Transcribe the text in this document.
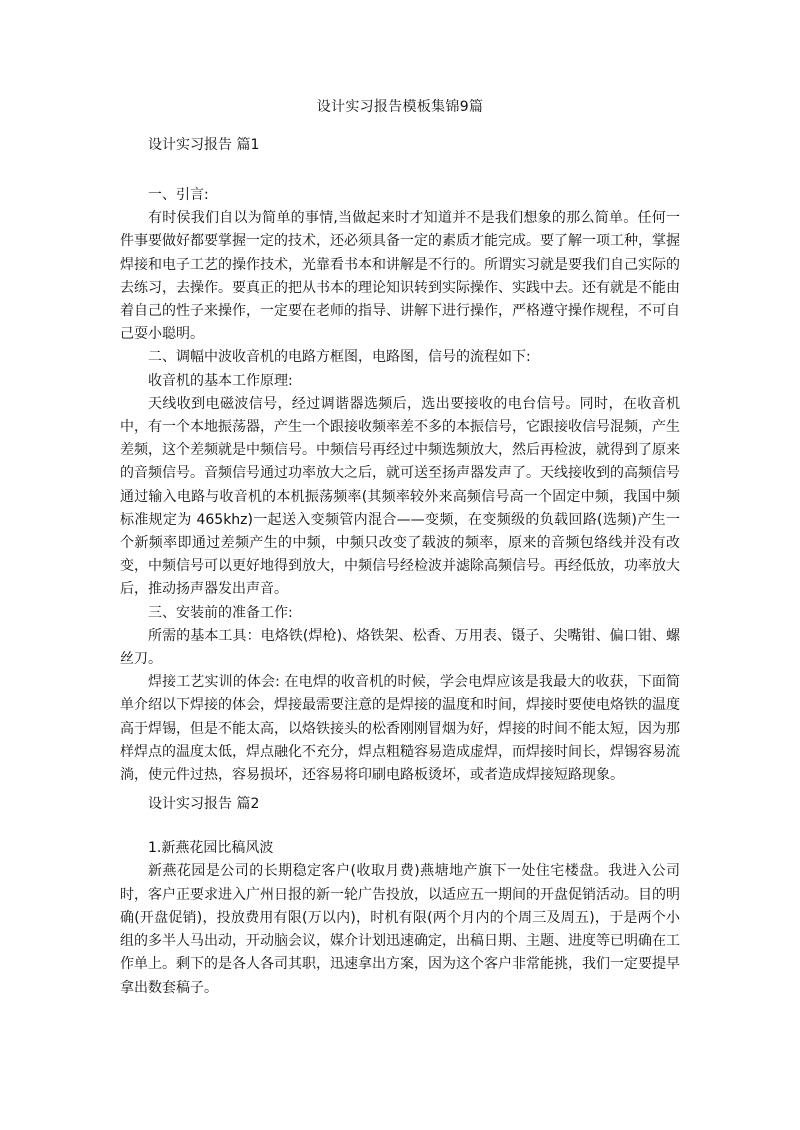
设计实习报告模板集锦9篇
设计实习报告 篇1
一、引言:
有时侯我们自以为简单的事情,当做起来时才知道并不是我们想象的那么简单。任何一件事要做好都要掌握一定的技术，还必须具备一定的素质才能完成。要了解一项工种，掌握焊接和电子工艺的操作技术，光靠看书本和讲解是不行的。所谓实习就是要我们自己实际的去练习，去操作。要真正的把从书本的理论知识转到实际操作、实践中去。还有就是不能由着自己的性子来操作，一定要在老师的指导、讲解下进行操作，严格遵守操作规程，不可自己耍小聪明。
二、调幅中波收音机的电路方框图，电路图，信号的流程如下:
收音机的基本工作原理:
天线收到电磁波信号，经过调谐器选频后，选出要接收的电台信号。同时，在收音机中，有一个本地振荡器，产生一个跟接收频率差不多的本振信号，它跟接收信号混频，产生差频，这个差频就是中频信号。中频信号再经过中频选频放大，然后再检波，就得到了原来的音频信号。音频信号通过功率放大之后，就可送至扬声器发声了。天线接收到的高频信号通过输入电路与收音机的本机振荡频率(其频率较外来高频信号高一个固定中频，我国中频标准规定为 465khz)一起送入变频管内混合——变频，在变频级的负载回路(选频)产生一个新频率即通过差频产生的中频，中频只改变了载波的频率，原来的音频包络线并没有改变，中频信号可以更好地得到放大，中频信号经检波并滤除高频信号。再经低放，功率放大后，推动扬声器发出声音。
三、安装前的准备工作:
所需的基本工具：电烙铁(焊枪)、烙铁架、松香、万用表、镊子、尖嘴钳、偏口钳、螺丝刀。
焊接工艺实训的体会: 在电焊的收音机的时候，学会电焊应该是我最大的收获，下面简单介绍以下焊接的体会，焊接最需要注意的是焊接的温度和时间，焊接时要使电烙铁的温度高于焊锡，但是不能太高，以烙铁接头的松香刚刚冒烟为好，焊接的时间不能太短，因为那样焊点的温度太低，焊点融化不充分，焊点粗糙容易造成虚焊，而焊接时间长，焊锡容易流淌，使元件过热，容易损坏，还容易将印刷电路板烫坏，或者造成焊接短路现象。
设计实习报告 篇2
1.新燕花园比稿风波
新燕花园是公司的长期稳定客户(收取月费)燕塘地产旗下一处住宅楼盘。我进入公司时，客户正要求进入广州日报的新一轮广告投放，以适应五一期间的开盘促销活动。目的明确(开盘促销)，投放费用有限(万以内)，时机有限(两个月内的个周三及周五)，于是两个小组的多半人马出动，开动脑会议，媒介计划迅速确定，出稿日期、主题、进度等已明确在工作单上。剩下的是各人各司其职，迅速拿出方案，因为这个客户非常能挑，我们一定要提早拿出数套稿子。
